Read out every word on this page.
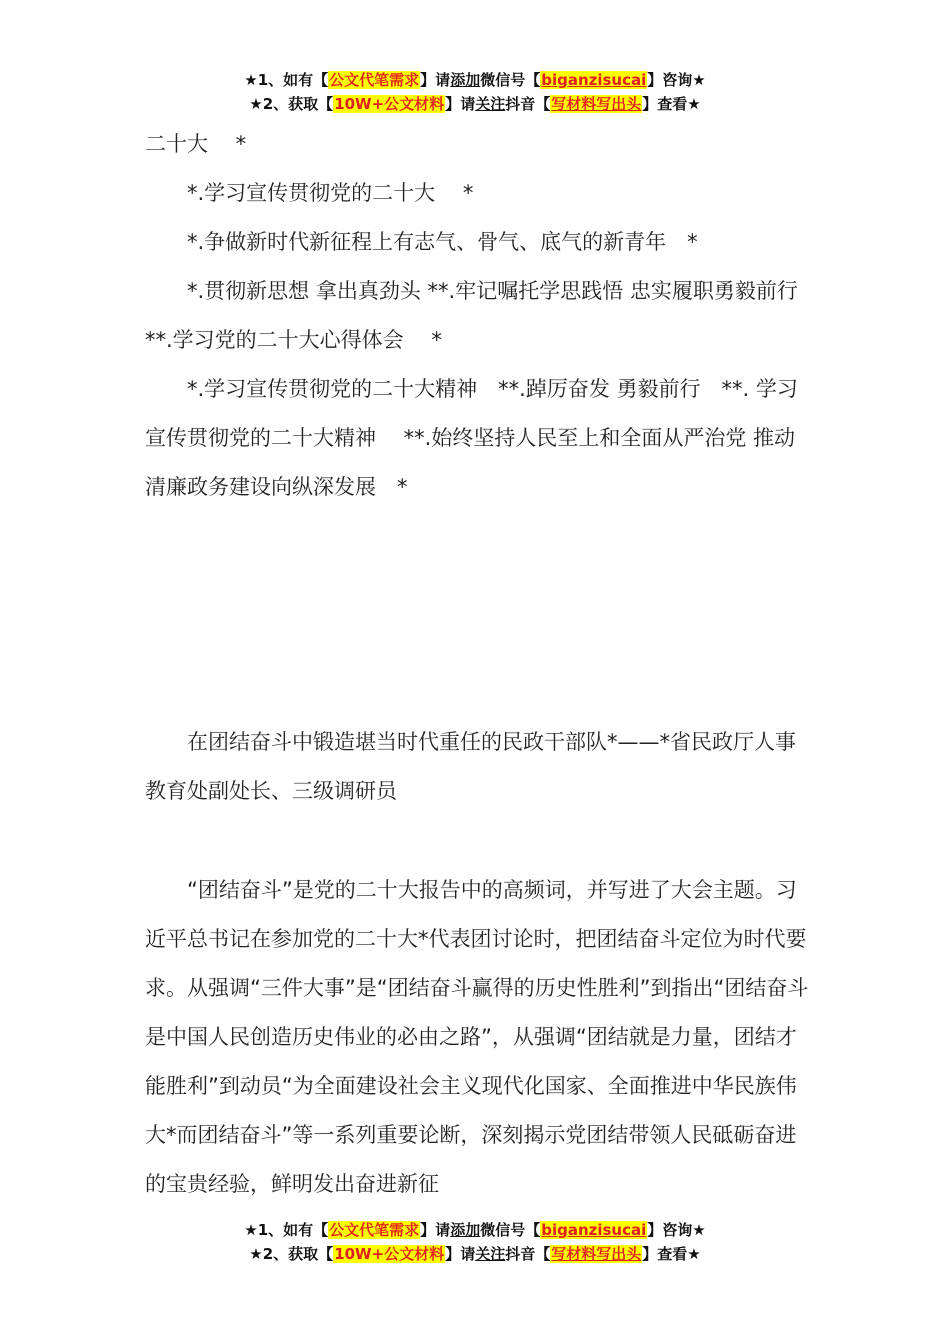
★1、如有【公文代笔需求】请添加微信号【biganzisucai】咨询★
★2、获取【10W+公文材料】请关注抖音【写材料写出头】查看★

二十大　 *

*.学习宣传贯彻党的二十大　 *

*.争做新时代新征程上有志气、骨气、底气的新青年　*

*.贯彻新思想 拿出真劲头 **.牢记嘱托学思践悟 忠实履职勇毅前行　**.学习党的二十大心得体会　 *

*.学习宣传贯彻党的二十大精神　**.踔厉奋发 勇毅前行　**. 学习宣传贯彻党的二十大精神　 **.始终坚持人民至上和全面从严治党 推动清廉政务建设向纵深发展　*

在团结奋斗中锻造堪当时代重任的民政干部队*——*省民政厅人事教育处副处长、三级调研员

“团结奋斗”是党的二十大报告中的高频词，并写进了大会主题。习近平总书记在参加党的二十大*代表团讨论时，把团结奋斗定位为时代要求。从强调“三件大事”是“团结奋斗赢得的历史性胜利”到指出“团结奋斗是中国人民创造历史伟业的必由之路”，从强调“团结就是力量，团结才能胜利”到动员“为全面建设社会主义现代化国家、全面推进中华民族伟大*而团结奋斗”等一系列重要论断，深刻揭示党团结带领人民砥砺奋进的宝贵经验，鲜明发出奋进新征

★1、如有【公文代笔需求】请添加微信号【biganzisucai】咨询★
★2、获取【10W+公文材料】请关注抖音【写材料写出头】查看★
